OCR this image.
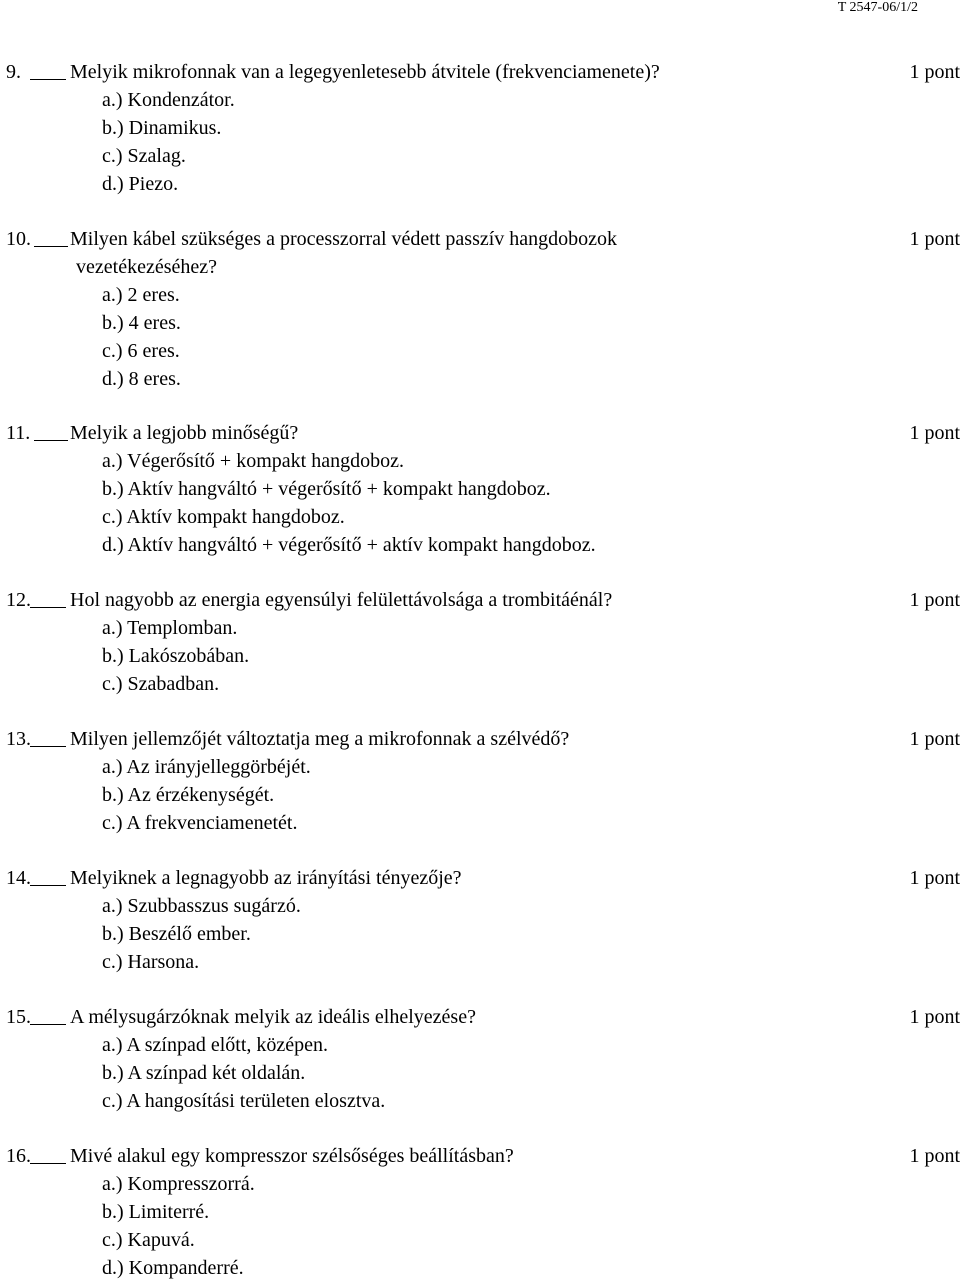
T 2547-06/1/2
9. Melyik mikrofonnak van a legegyenletesebb átvitele (frekvenciamenete)?	1 pont
a.) Kondenzátor.
b.) Dinamikus.
c.) Szalag.
d.) Piezo.
10. Milyen kábel szükséges a processzorral védett passzív hangdobozok	1 pont
vezetékezéséhez?
a.) 2 eres.
b.) 4 eres.
c.) 6 eres.
d.) 8 eres.
11. Melyik a legjobb minőségű?	1 pont
a.) Végerősítő + kompakt hangdoboz.
b.) Aktív hangváltó + végerősítő + kompakt hangdoboz.
c.) Aktív kompakt hangdoboz.
d.) Aktív hangváltó + végerősítő + aktív kompakt hangdoboz.
12. Hol nagyobb az energia egyensúlyi felülettávolsága a trombitáénál?	1 pont
a.) Templomban.
b.) Lakószobában.
c.) Szabadban.
13. Milyen jellemzőjét változtatja meg a mikrofonnak a szélvédő?	1 pont
a.) Az irányjelleggörbéjét.
b.) Az érzékenységét.
c.) A frekvenciamenetét.
14. Melyiknek a legnagyobb az irányítási tényezője?	1 pont
a.) Szubbasszus sugárzó.
b.) Beszélő ember.
c.) Harsona.
15. A mélysugárzóknak melyik az ideális elhelyezése?	1 pont
a.) A színpad előtt, középen.
b.) A színpad két oldalán.
c.) A hangosítási területen elosztva.
16. Mivé alakul egy kompresszor szélsőséges beállításban?	1 pont
a.) Kompresszorrá.
b.) Limiterré.
c.) Kapuvá.
d.) Kompanderré.
